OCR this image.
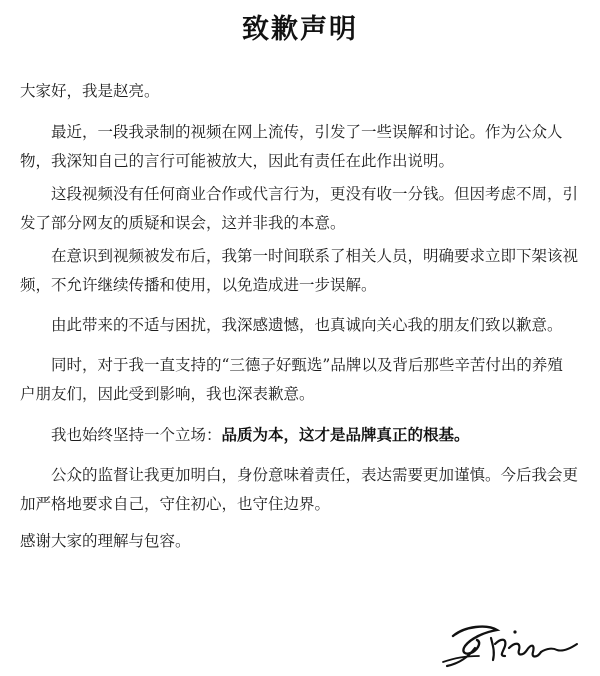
致歉声明

大家好，我是赵亮。

最近，一段我录制的视频在网上流传，引发了一些误解和讨论。作为公众人物，我深知自己的言行可能被放大，因此有责任在此作出说明。

这段视频没有任何商业合作或代言行为，更没有收一分钱。但因考虑不周，引发了部分网友的质疑和误会，这并非我的本意。

在意识到视频被发布后，我第一时间联系了相关人员，明确要求立即下架该视频，不允许继续传播和使用，以免造成进一步误解。

由此带来的不适与困扰，我深感遗憾，也真诚向关心我的朋友们致以歉意。

同时，对于我一直支持的“三德子好甄选”品牌以及背后那些辛苦付出的养殖户朋友们，因此受到影响，我也深表歉意。

我也始终坚持一个立场：品质为本，这才是品牌真正的根基。

公众的监督让我更加明白，身份意味着责任，表达需要更加谨慎。今后我会更加严格地要求自己，守住初心，也守住边界。

感谢大家的理解与包容。
